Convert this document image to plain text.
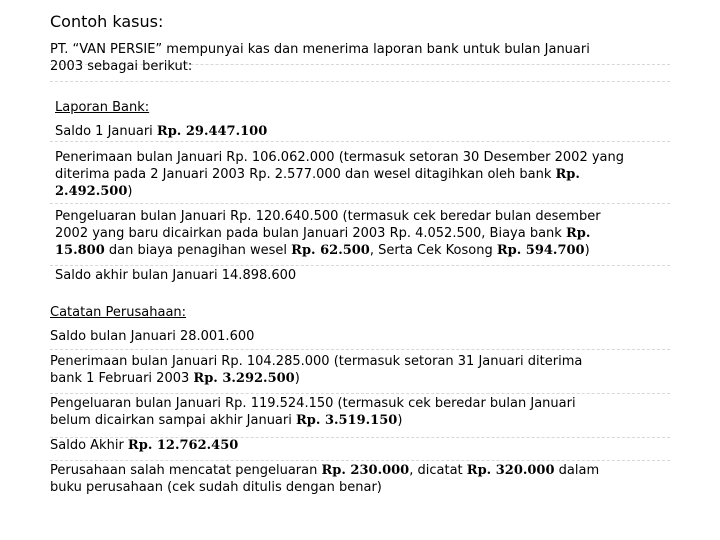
Contoh kasus:

PT. “VAN PERSIE” mempunyai kas dan menerima laporan bank untuk bulan Januari

2003 sebagai berikut:

Laporan Bank:

Saldo 1 Januari Rp. 29.447.100

Penerimaan bulan Januari Rp. 106.062.000 (termasuk setoran 30 Desember 2002 yang

diterima pada 2 Januari 2003 Rp. 2.577.000 dan wesel ditagihkan oleh bank Rp.

2.492.500)

Pengeluaran bulan Januari Rp. 120.640.500 (termasuk cek beredar bulan desember

2002 yang baru dicairkan pada bulan Januari 2003 Rp. 4.052.500, Biaya bank Rp.

15.800 dan biaya penagihan wesel Rp. 62.500, Serta Cek Kosong Rp. 594.700)

Saldo akhir bulan Januari 14.898.600

Catatan Perusahaan:

Saldo bulan Januari 28.001.600

Penerimaan bulan Januari Rp. 104.285.000 (termasuk setoran 31 Januari diterima

bank 1 Februari 2003 Rp. 3.292.500)

Pengeluaran bulan Januari Rp. 119.524.150 (termasuk cek beredar bulan Januari

belum dicairkan sampai akhir Januari Rp. 3.519.150)

Saldo Akhir Rp. 12.762.450

Perusahaan salah mencatat pengeluaran Rp. 230.000, dicatat Rp. 320.000 dalam

buku perusahaan (cek sudah ditulis dengan benar)
